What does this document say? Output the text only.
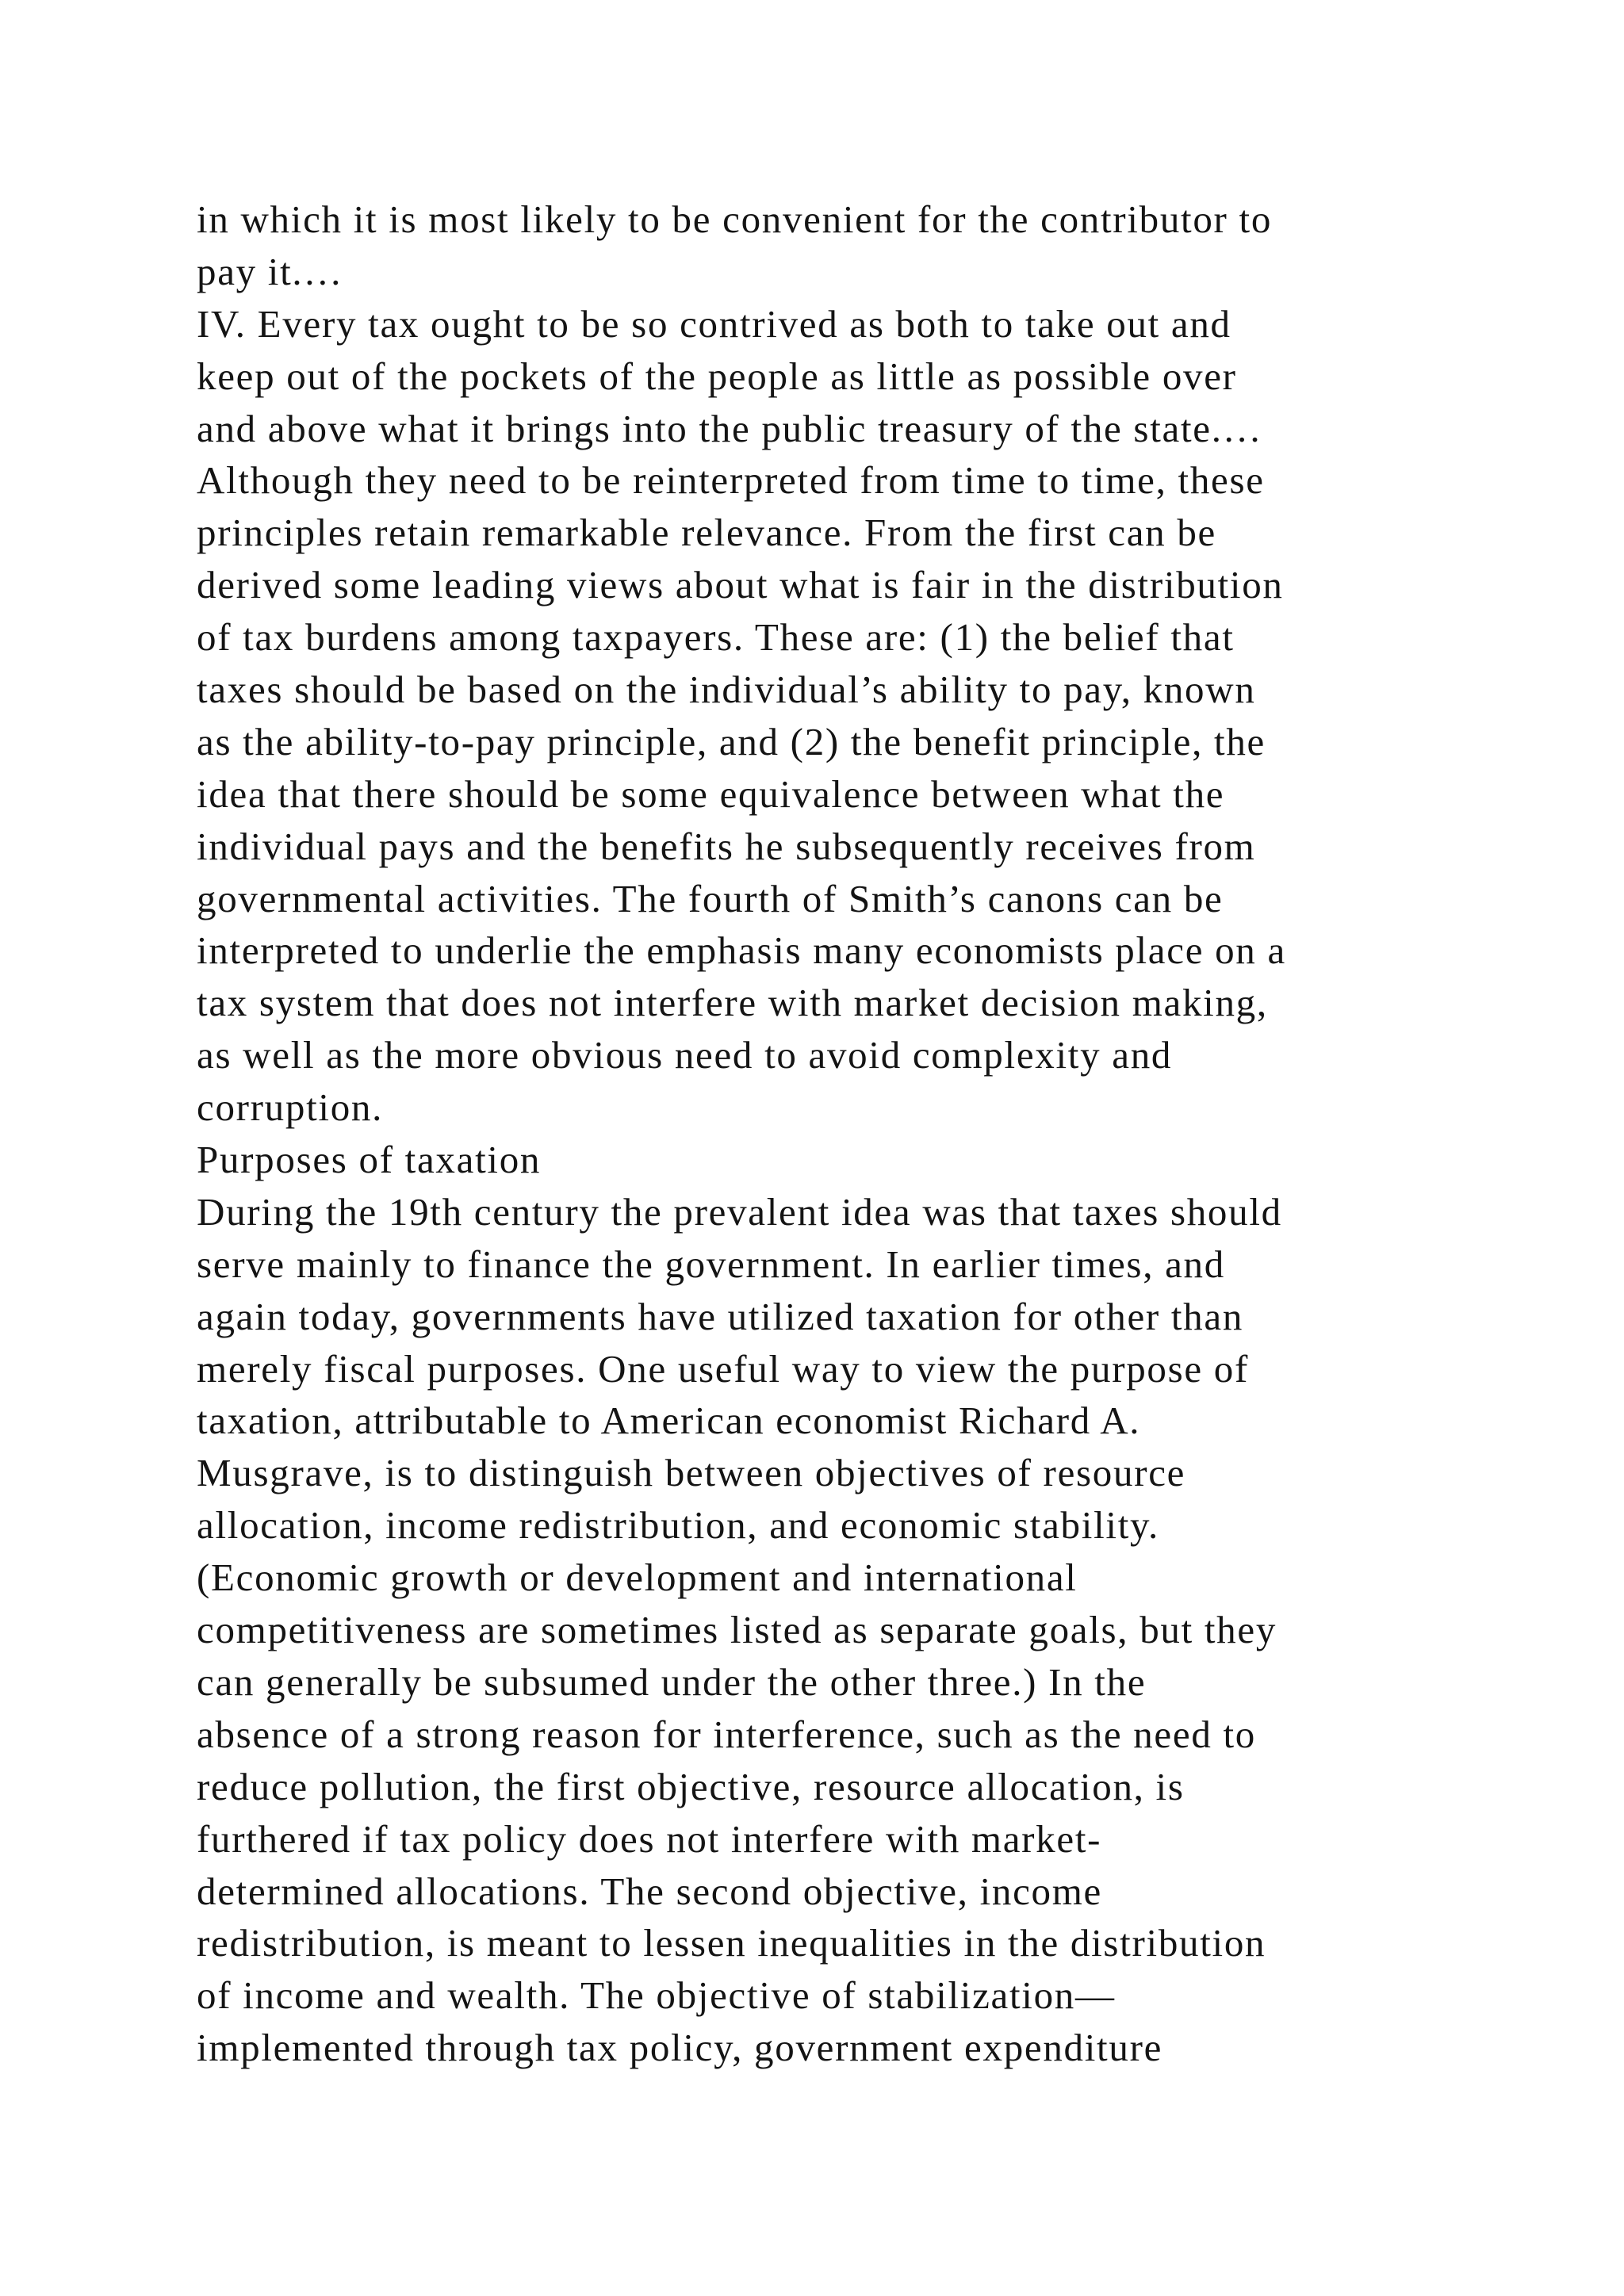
in which it is most likely to be convenient for the contributor to
pay it.…
IV. Every tax ought to be so contrived as both to take out and
keep out of the pockets of the people as little as possible over
and above what it brings into the public treasury of the state.…
Although they need to be reinterpreted from time to time, these
principles retain remarkable relevance. From the first can be
derived some leading views about what is fair in the distribution
of tax burdens among taxpayers. These are: (1) the belief that
taxes should be based on the individual’s ability to pay, known
as the ability-to-pay principle, and (2) the benefit principle, the
idea that there should be some equivalence between what the
individual pays and the benefits he subsequently receives from
governmental activities. The fourth of Smith’s canons can be
interpreted to underlie the emphasis many economists place on a
tax system that does not interfere with market decision making,
as well as the more obvious need to avoid complexity and
corruption.
Purposes of taxation
During the 19th century the prevalent idea was that taxes should
serve mainly to finance the government. In earlier times, and
again today, governments have utilized taxation for other than
merely fiscal purposes. One useful way to view the purpose of
taxation, attributable to American economist Richard A.
Musgrave, is to distinguish between objectives of resource
allocation, income redistribution, and economic stability.
(Economic growth or development and international
competitiveness are sometimes listed as separate goals, but they
can generally be subsumed under the other three.) In the
absence of a strong reason for interference, such as the need to
reduce pollution, the first objective, resource allocation, is
furthered if tax policy does not interfere with market-
determined allocations. The second objective, income
redistribution, is meant to lessen inequalities in the distribution
of income and wealth. The objective of stabilization—
implemented through tax policy, government expenditure
